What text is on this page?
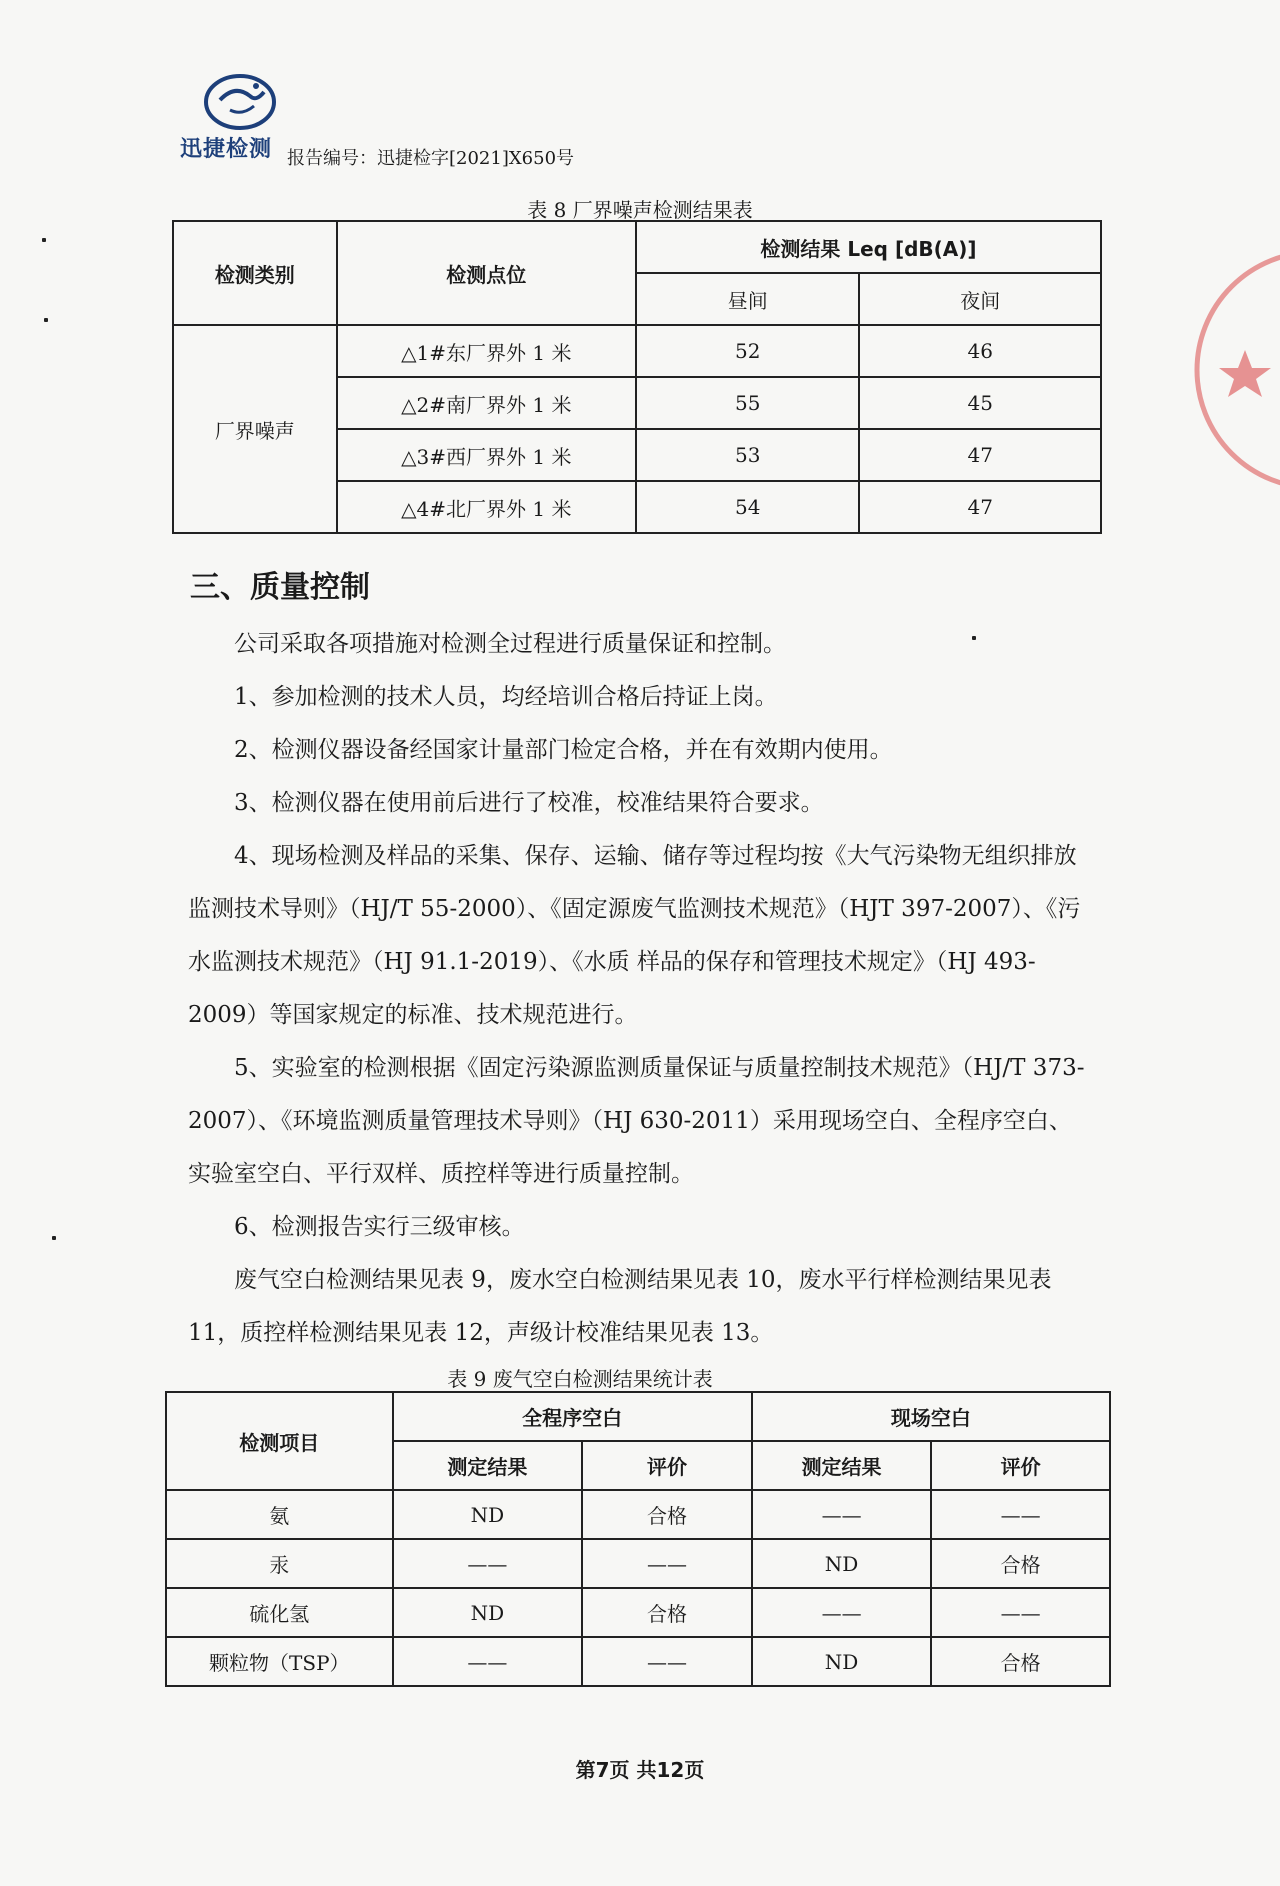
迅捷检测 报告编号：迅捷检字[2021]X650号
表 8 厂界噪声检测结果表
检测类别	检测点位	检测结果 Leq [dB(A)]	
		昼间	夜间
厂界噪声	△1#东厂界外 1 米	52	46
	△2#南厂界外 1 米	55	45
	△3#西厂界外 1 米	53	47
	△4#北厂界外 1 米	54	47
三、质量控制

公司采取各项措施对检测全过程进行质量保证和控制。

1、参加检测的技术人员，均经培训合格后持证上岗。

2、检测仪器设备经国家计量部门检定合格，并在有效期内使用。

3、检测仪器在使用前后进行了校准，校准结果符合要求。

4、现场检测及样品的采集、保存、运输、储存等过程均按《大气污染物无组织排放监测技术导则》（HJ/T 55-2000）、《固定源废气监测技术规范》（HJT 397-2007）、《污水监测技术规范》（HJ 91.1-2019）、《水质 样品的保存和管理技术规定》（HJ 493-2009）等国家规定的标准、技术规范进行。

5、实验室的检测根据《固定污染源监测质量保证与质量控制技术规范》（HJ/T 373-2007）、《环境监测质量管理技术导则》（HJ 630-2011）采用现场空白、全程序空白、实验室空白、平行双样、质控样等进行质量控制。

6、检测报告实行三级审核。

废气空白检测结果见表 9，废水空白检测结果见表 10，废水平行样检测结果见表 11，质控样检测结果见表 12，声级计校准结果见表 13。

表 9 废气空白检测结果统计表
检测项目	全程序空白		现场空白	
	测定结果	评价	测定结果	评价
氨	ND	合格	——	——
汞	——	——	ND	合格
硫化氢	ND	合格	——	——
颗粒物（TSP）	——	——	ND	合格
第7页 共12页
